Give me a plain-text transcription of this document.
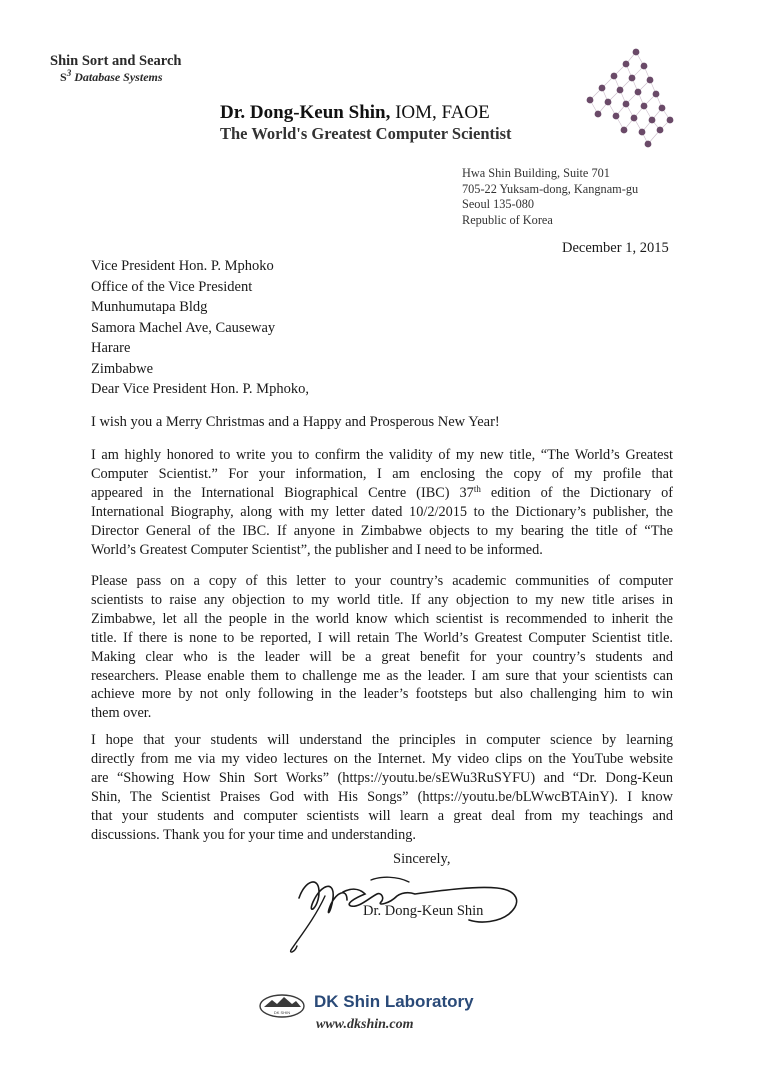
Shin Sort and Search
$S^3$ Database Systems
Dr. Dong-Keun Shin, IOM, FAOE
The World's Greatest Computer Scientist
Hwa Shin Building, Suite 701
705-22 Yuksam-dong, Kangnam-gu
Seoul 135-080
Republic of Korea
December 1, 2015
Vice President Hon. P. Mphoko
Office of the Vice President
Munhumutapa Bldg
Samora Machel Ave, Causeway
Harare
Zimbabwe
Dear Vice President Hon. P. Mphoko,
I wish you a Merry Christmas and a Happy and Prosperous New Year!
I am highly honored to write you to confirm the validity of my new title, “The World’s Greatest
Computer Scientist.” For your information, I am enclosing the copy of my profile that
appeared in the International Biographical Centre (IBC) 37th edition of the Dictionary of
International Biography, along with my letter dated 10/2/2015 to the Dictionary’s publisher, the
Director General of the IBC. If anyone in Zimbabwe objects to my bearing the title of “The
World’s Greatest Computer Scientist”, the publisher and I need to be informed.
Please pass on a copy of this letter to your country’s academic communities of computer
scientists to raise any objection to my world title. If any objection to my new title arises in
Zimbabwe, let all the people in the world know which scientist is recommended to inherit the
title. If there is none to be reported, I will retain The World’s Greatest Computer Scientist title.
Making clear who is the leader will be a great benefit for your country’s students and
researchers. Please enable them to challenge me as the leader. I am sure that your scientists can
achieve more by not only following in the leader’s footsteps but also challenging him to win
them over.
I hope that your students will understand the principles in computer science by learning
directly from me via my video lectures on the Internet. My video clips on the YouTube website
are “Showing How Shin Sort Works” (https://youtu.be/sEWu3RuSYFU) and “Dr. Dong-Keun
Shin, The Scientist Praises God with His Songs” (https://youtu.be/bLWwcBTAinY). I know
that your students and computer scientists will learn a great deal from my teachings and
discussions. Thank you for your time and understanding.
Sincerely,
Dr. Dong-Keun Shin
DK SHIN
DK Shin Laboratory
www.dkshin.com
